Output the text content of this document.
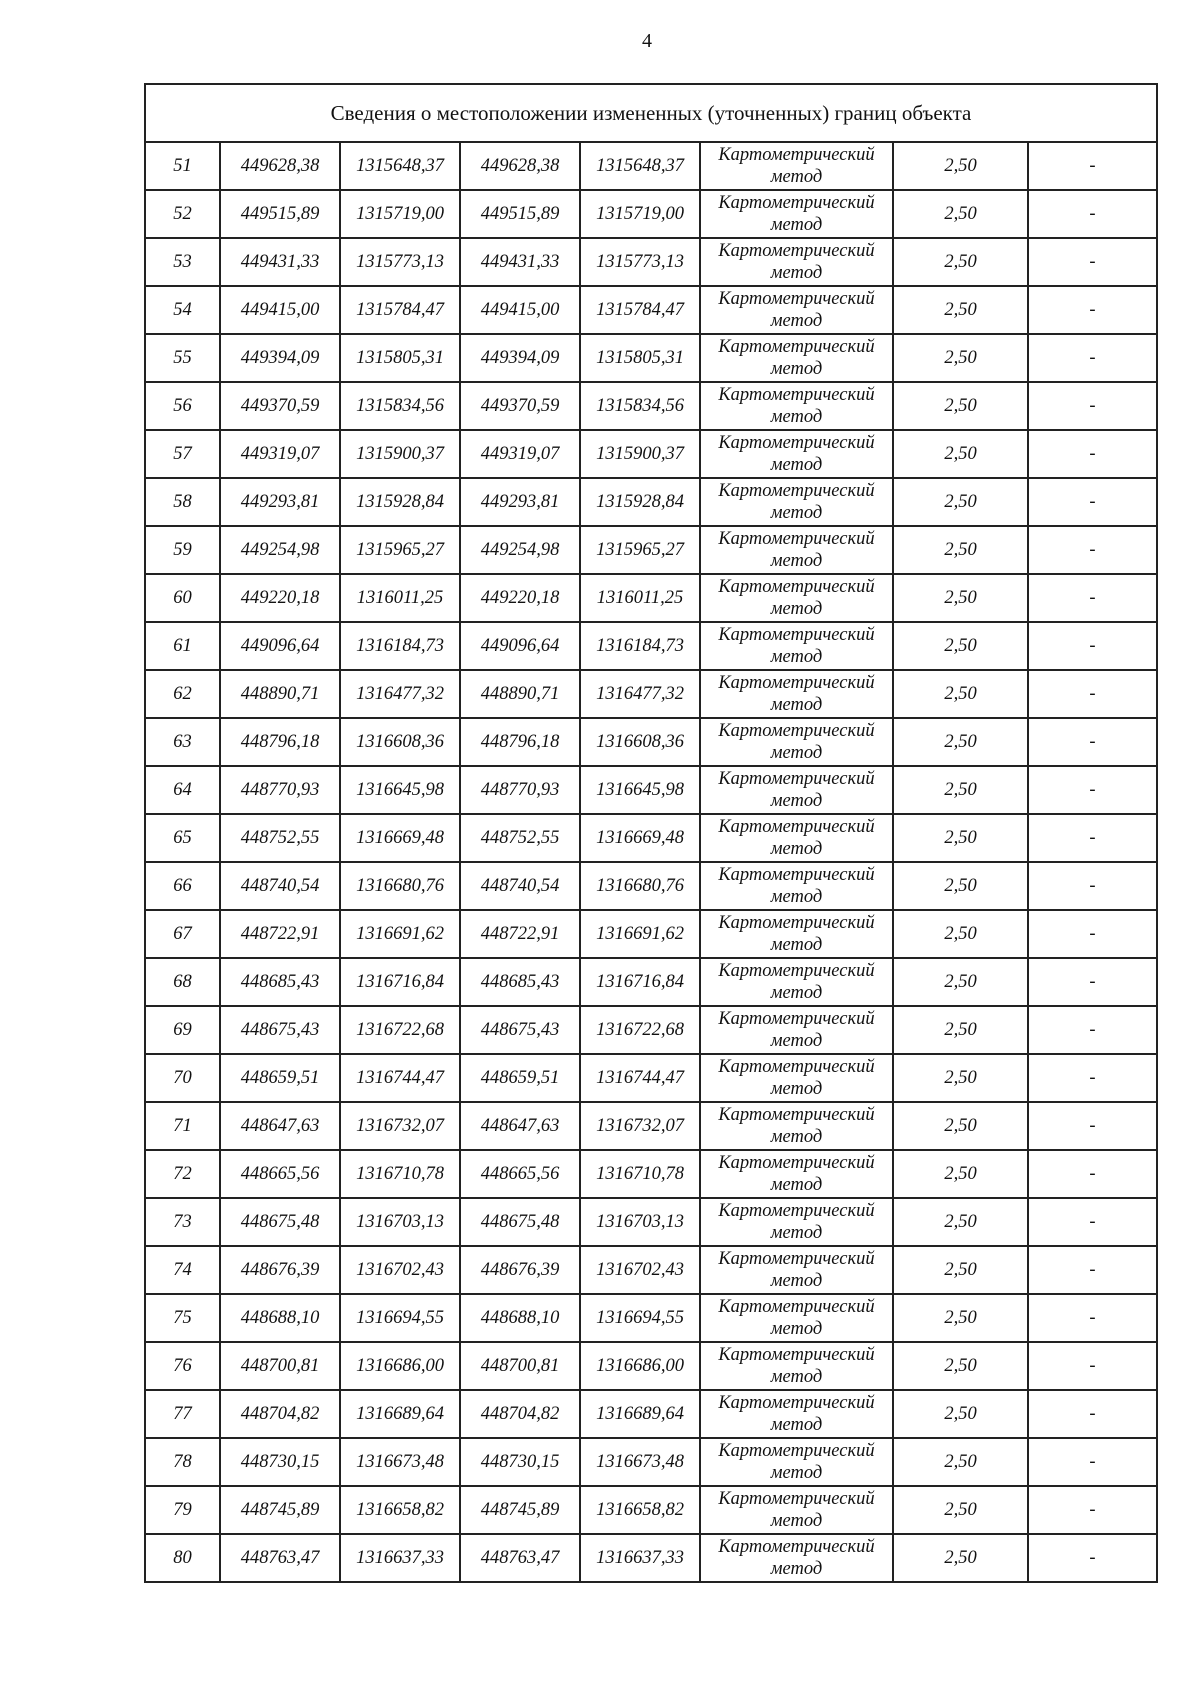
4
Сведения о местоположении измененных (уточненных) границ объекта							
51	449628,38	1315648,37	449628,38	1315648,37	Картометрический
метод	2,50	-
52	449515,89	1315719,00	449515,89	1315719,00	Картометрический
метод	2,50	-
53	449431,33	1315773,13	449431,33	1315773,13	Картометрический
метод	2,50	-
54	449415,00	1315784,47	449415,00	1315784,47	Картометрический
метод	2,50	-
55	449394,09	1315805,31	449394,09	1315805,31	Картометрический
метод	2,50	-
56	449370,59	1315834,56	449370,59	1315834,56	Картометрический
метод	2,50	-
57	449319,07	1315900,37	449319,07	1315900,37	Картометрический
метод	2,50	-
58	449293,81	1315928,84	449293,81	1315928,84	Картометрический
метод	2,50	-
59	449254,98	1315965,27	449254,98	1315965,27	Картометрический
метод	2,50	-
60	449220,18	1316011,25	449220,18	1316011,25	Картометрический
метод	2,50	-
61	449096,64	1316184,73	449096,64	1316184,73	Картометрический
метод	2,50	-
62	448890,71	1316477,32	448890,71	1316477,32	Картометрический
метод	2,50	-
63	448796,18	1316608,36	448796,18	1316608,36	Картометрический
метод	2,50	-
64	448770,93	1316645,98	448770,93	1316645,98	Картометрический
метод	2,50	-
65	448752,55	1316669,48	448752,55	1316669,48	Картометрический
метод	2,50	-
66	448740,54	1316680,76	448740,54	1316680,76	Картометрический
метод	2,50	-
67	448722,91	1316691,62	448722,91	1316691,62	Картометрический
метод	2,50	-
68	448685,43	1316716,84	448685,43	1316716,84	Картометрический
метод	2,50	-
69	448675,43	1316722,68	448675,43	1316722,68	Картометрический
метод	2,50	-
70	448659,51	1316744,47	448659,51	1316744,47	Картометрический
метод	2,50	-
71	448647,63	1316732,07	448647,63	1316732,07	Картометрический
метод	2,50	-
72	448665,56	1316710,78	448665,56	1316710,78	Картометрический
метод	2,50	-
73	448675,48	1316703,13	448675,48	1316703,13	Картометрический
метод	2,50	-
74	448676,39	1316702,43	448676,39	1316702,43	Картометрический
метод	2,50	-
75	448688,10	1316694,55	448688,10	1316694,55	Картометрический
метод	2,50	-
76	448700,81	1316686,00	448700,81	1316686,00	Картометрический
метод	2,50	-
77	448704,82	1316689,64	448704,82	1316689,64	Картометрический
метод	2,50	-
78	448730,15	1316673,48	448730,15	1316673,48	Картометрический
метод	2,50	-
79	448745,89	1316658,82	448745,89	1316658,82	Картометрический
метод	2,50	-
80	448763,47	1316637,33	448763,47	1316637,33	Картометрический
метод	2,50	-
